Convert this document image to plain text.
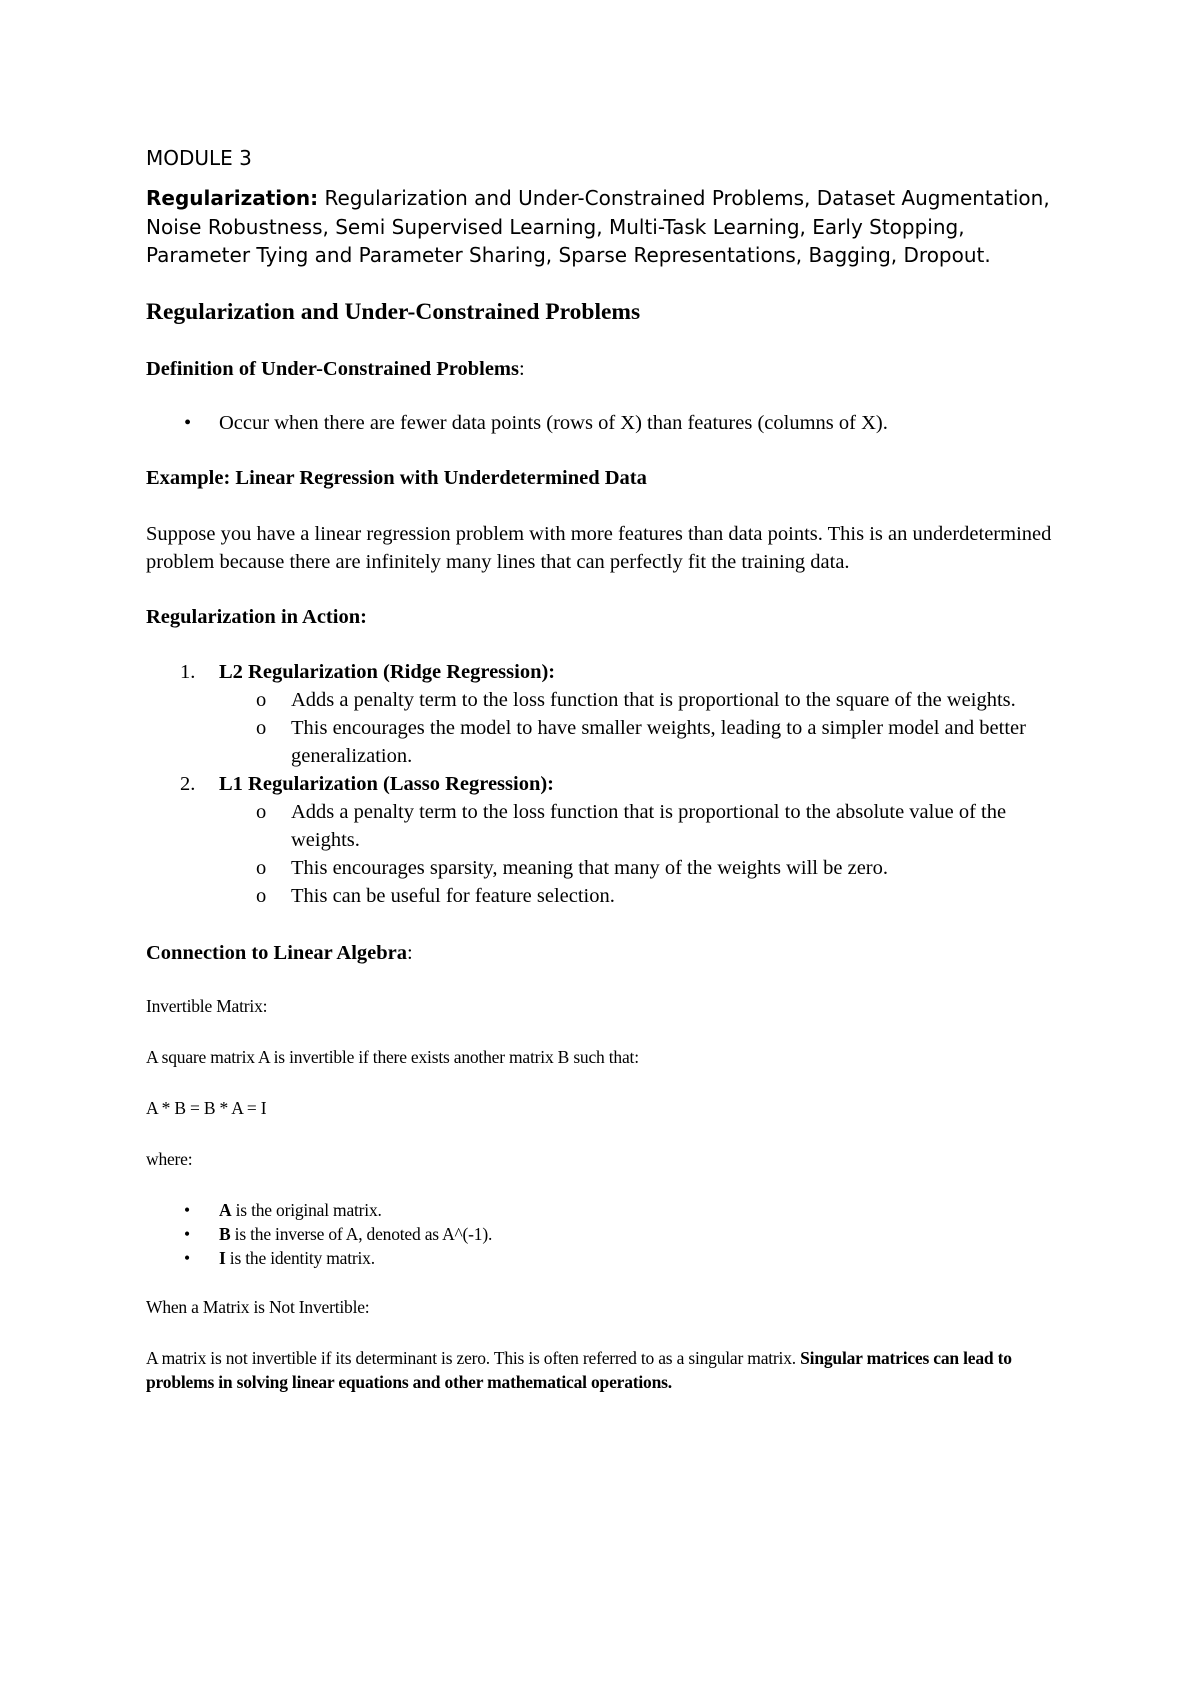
MODULE 3

Regularization: Regularization and Under-Constrained Problems, Dataset Augmentation, Noise Robustness, Semi Supervised Learning, Multi-Task Learning, Early Stopping, Parameter Tying and Parameter Sharing, Sparse Representations, Bagging, Dropout.

Regularization and Under-Constrained Problems

Definition of Under-Constrained Problems:

• Occur when there are fewer data points (rows of X) than features (columns of X).

Example: Linear Regression with Underdetermined Data

Suppose you have a linear regression problem with more features than data points. This is an underdetermined problem because there are infinitely many lines that can perfectly fit the training data.

Regularization in Action:

1. L2 Regularization (Ridge Regression):
o	Adds a penalty term to the loss function that is proportional to the square of the weights.
o	This encourages the model to have smaller weights, leading to a simpler model and better generalization.
2. L1 Regularization (Lasso Regression):
o	Adds a penalty term to the loss function that is proportional to the absolute value of the weights.
o	This encourages sparsity, meaning that many of the weights will be zero.
o	This can be useful for feature selection.

Connection to Linear Algebra:

Invertible Matrix:

A square matrix A is invertible if there exists another matrix B such that:

A * B = B * A = I

where:

• A is the original matrix.
• B is the inverse of A, denoted as A^(-1).
• I is the identity matrix.

When a Matrix is Not Invertible:

A matrix is not invertible if its determinant is zero. This is often referred to as a singular matrix. Singular matrices can lead to problems in solving linear equations and other mathematical operations.
